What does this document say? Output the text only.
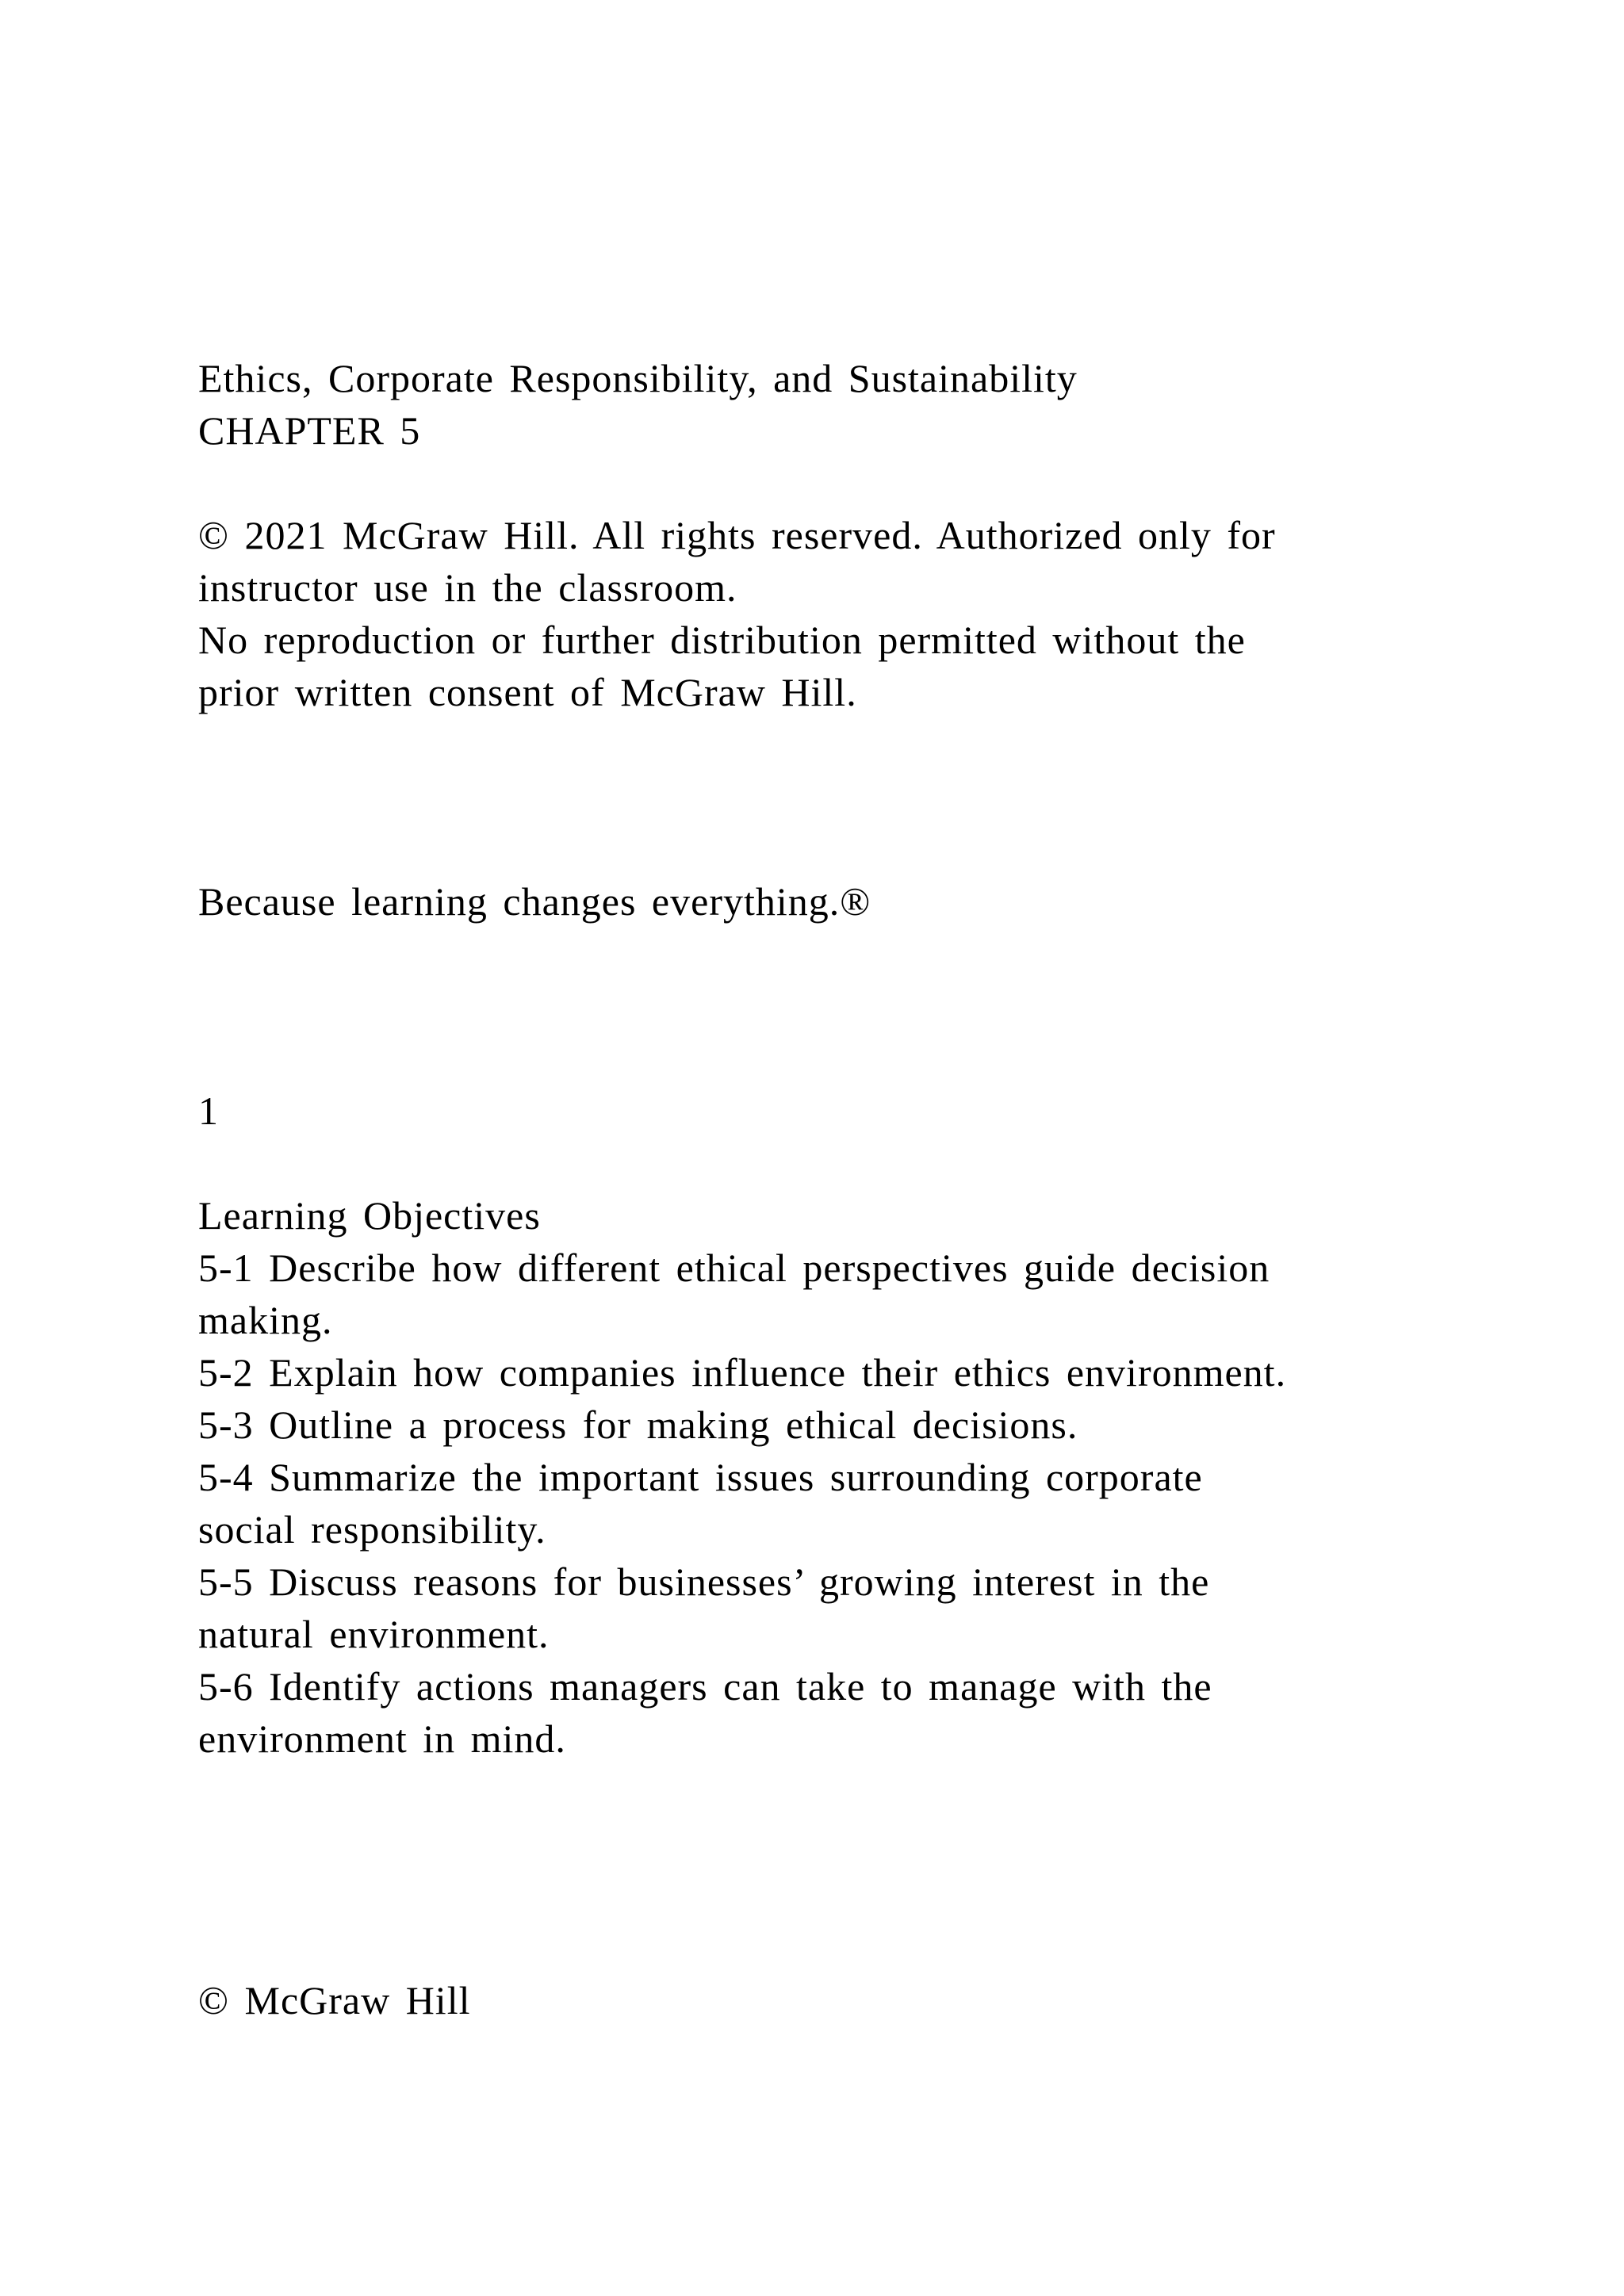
Ethics, Corporate Responsibility, and Sustainability
CHAPTER 5
© 2021 McGraw Hill. All rights reserved. Authorized only for
instructor use in the classroom.
No reproduction or further distribution permitted without the
prior written consent of McGraw Hill.
Because learning changes everything.®
1
Learning Objectives
5-1 Describe how different ethical perspectives guide decision
making.
5-2 Explain how companies influence their ethics environment.
5-3 Outline a process for making ethical decisions.
5-4 Summarize the important issues surrounding corporate
social responsibility.
5-5 Discuss reasons for businesses’ growing interest in the
natural environment.
5-6 Identify actions managers can take to manage with the
environment in mind.
© McGraw Hill
